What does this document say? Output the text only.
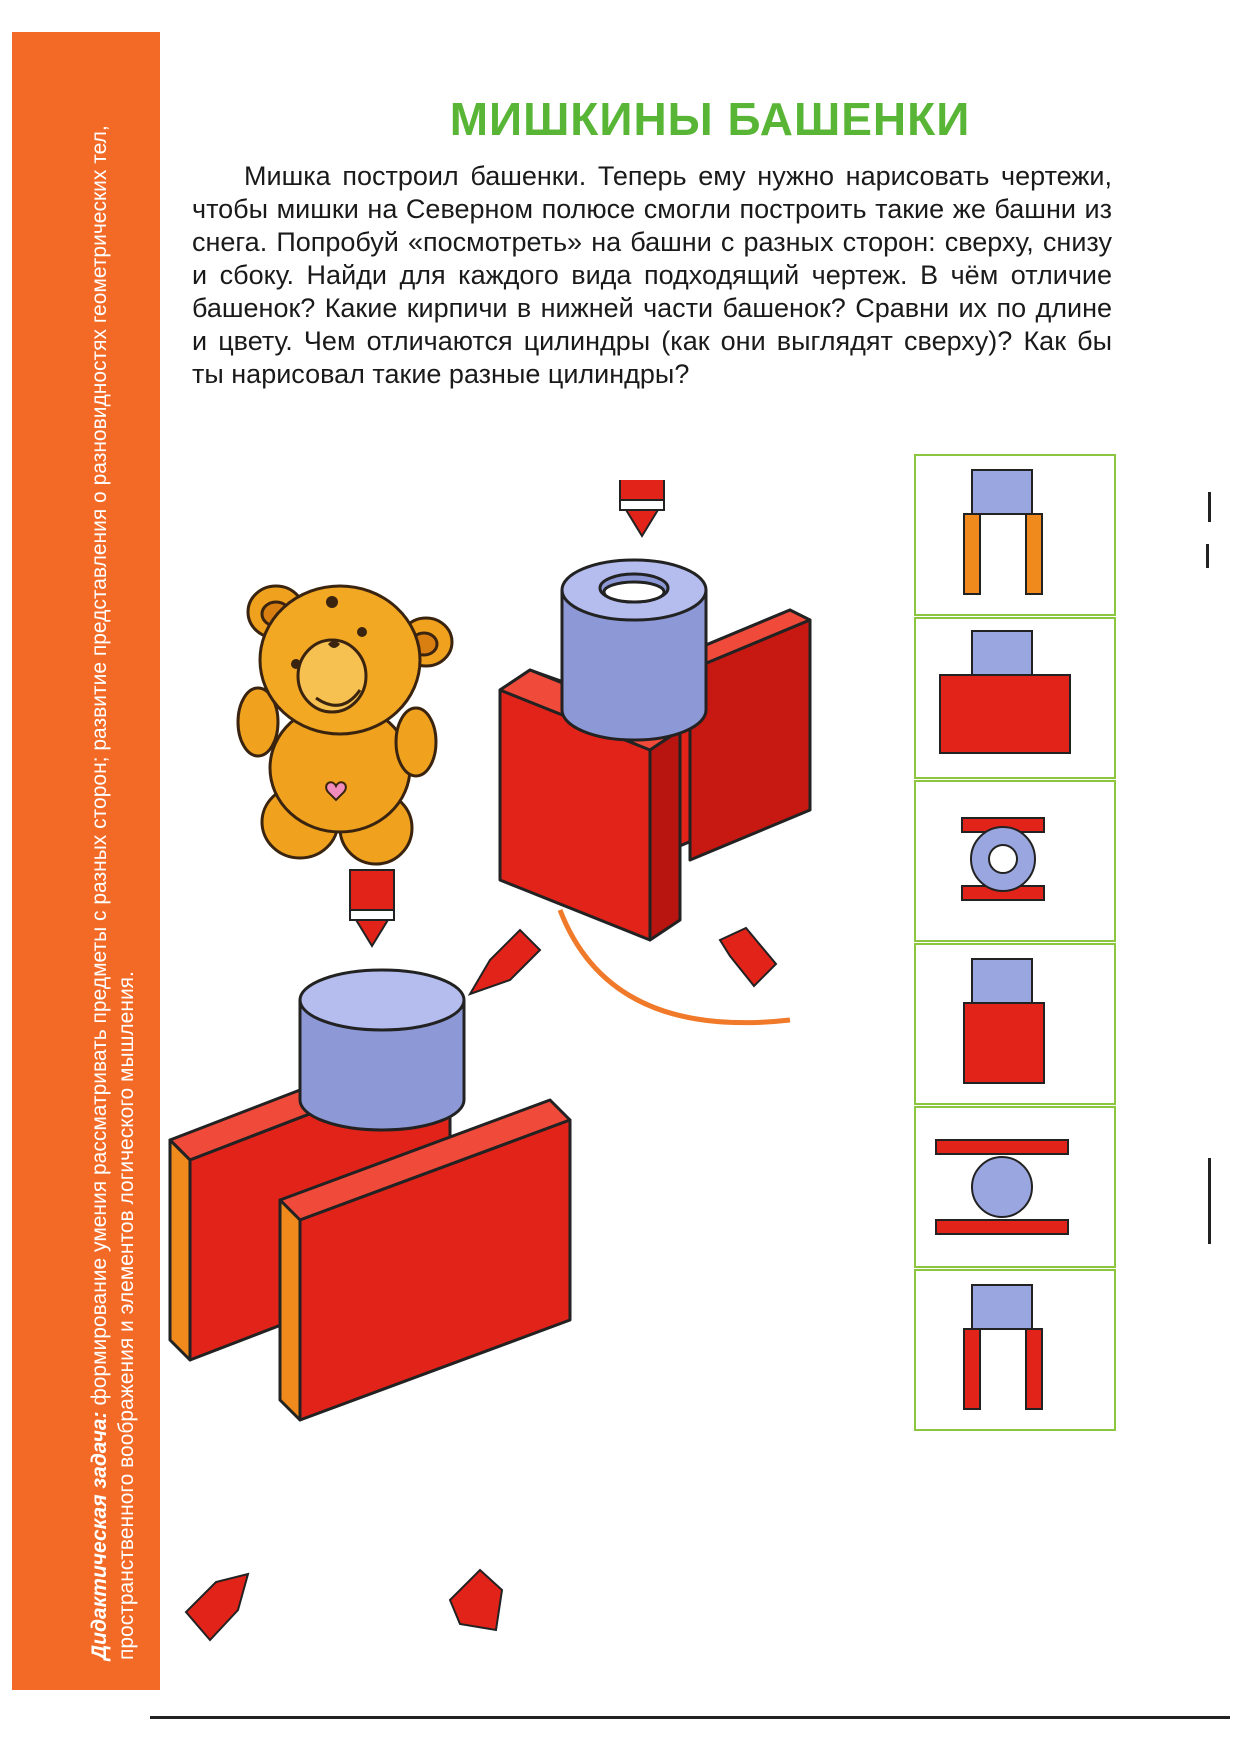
Дидактическая задача: формирование умения рассматривать предметы с разных сторон; развитие представления о разновидностях геометрических тел, пространственного воображения и элементов логического мышления.
МИШКИНЫ БАШЕНКИ
Мишка построил башенки. Теперь ему нужно нарисовать чертежи, чтобы мишки на Северном полюсе смогли построить такие же башни из снега. Попробуй «посмотреть» на башни с разных сторон: сверху, снизу и сбоку. Найди для каждого вида подходящий чертеж. В чём отличие башенок? Какие кирпичи в нижней части башенок? Сравни их по длине и цвету. Чем отличаются цилиндры (как они выглядят сверху)? Как бы ты нарисовал такие разные цилиндры?
